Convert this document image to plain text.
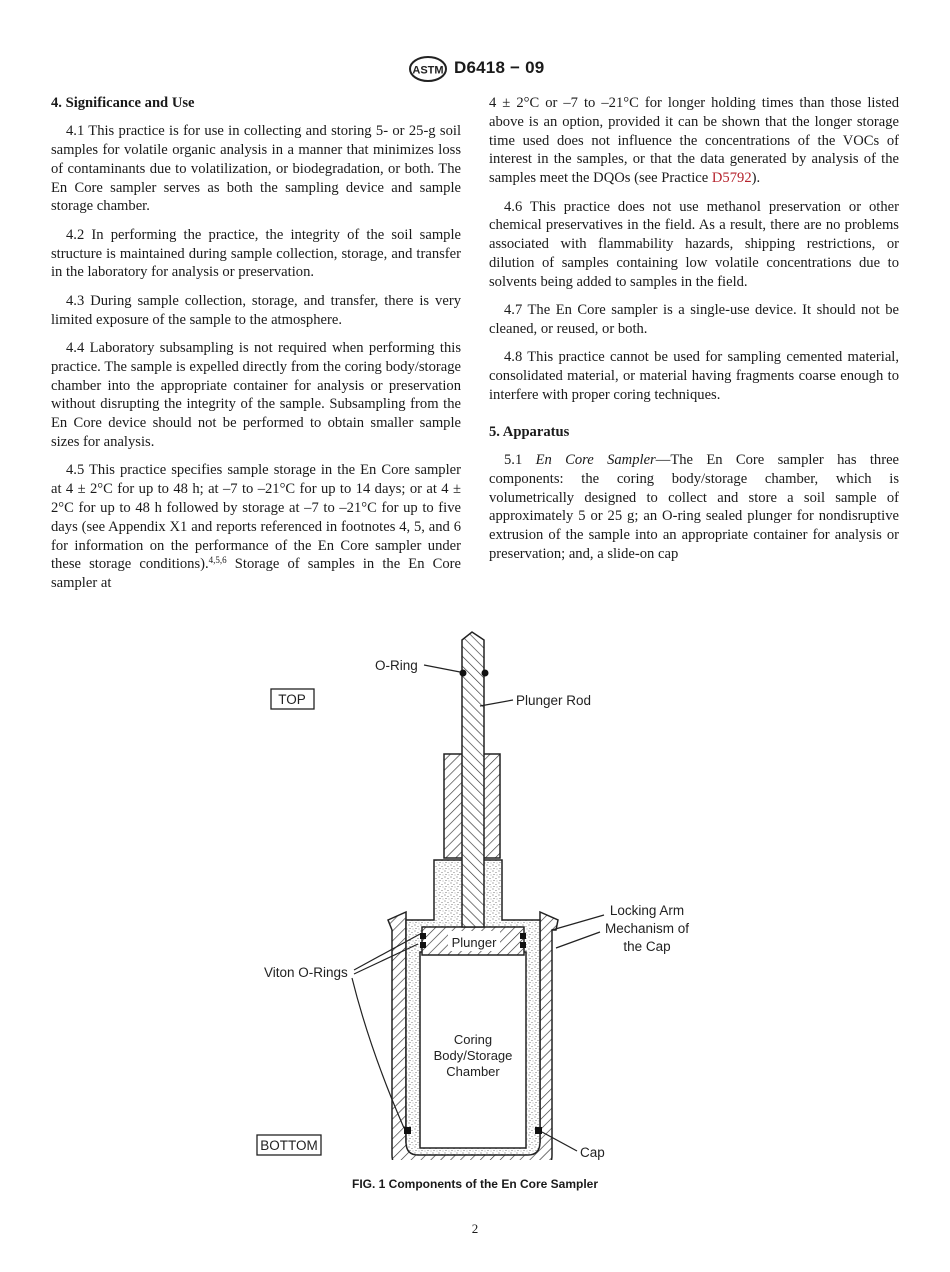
ASTM D6418 − 09
4. Significance and Use

4.1 This practice is for use in collecting and storing 5- or 25-g soil samples for volatile organic analysis in a manner that minimizes loss of contaminants due to volatilization, or biodegradation, or both. The En Core sampler serves as both the sampling device and sample storage chamber.

4.2 In performing the practice, the integrity of the soil sample structure is maintained during sample collection, storage, and transfer in the laboratory for analysis or preservation.

4.3 During sample collection, storage, and transfer, there is very limited exposure of the sample to the atmosphere.

4.4 Laboratory subsampling is not required when performing this practice. The sample is expelled directly from the coring body/storage chamber into the appropriate container for analysis or preservation without disrupting the integrity of the sample. Subsampling from the En Core device should not be performed to obtain smaller sample sizes for analysis.

4.5 This practice specifies sample storage in the En Core sampler at 4 ± 2°C for up to 48 h; at –7 to –21°C for up to 14 days; or at 4 ± 2°C for up to 48 h followed by storage at –7 to –21°C for up to five days (see Appendix X1 and reports referenced in footnotes 4, 5, and 6 for information on the performance of the En Core sampler under these storage conditions).$^{4,5,6}$ Storage of samples in the En Core sampler at

4 ± 2°C or –7 to –21°C for longer holding times than those listed above is an option, provided it can be shown that the longer storage time used does not influence the concentrations of the VOCs of interest in the samples, or that the data generated by analysis of the samples meet the DQOs (see Practice D5792).

4.6 This practice does not use methanol preservation or other chemical preservatives in the field. As a result, there are no problems associated with flammability hazards, shipping restrictions, or dilution of samples containing low volatile concentrations due to solvents being added to samples in the field.

4.7 The En Core sampler is a single-use device. It should not be cleaned, or reused, or both.

4.8 This practice cannot be used for sampling cemented material, consolidated material, or material having fragments coarse enough to interfere with proper coring techniques.

5. Apparatus

5.1 En Core Sampler—The En Core sampler has three components: the coring body/storage chamber, which is volumetrically designed to collect and store a soil sample of approximately 5 or 25 g; an O-ring sealed plunger for nondisruptive extrusion of the sample into an appropriate container for analysis or preservation; and, a slide-on cap

TOP
BOTTOM
O-Ring
Plunger Rod
Locking Arm
Mechanism of
the Cap
Plunger
Viton O-Rings
Coring
Body/Storage
Chamber
Cap
FIG. 1 Components of the En Core Sampler
2
